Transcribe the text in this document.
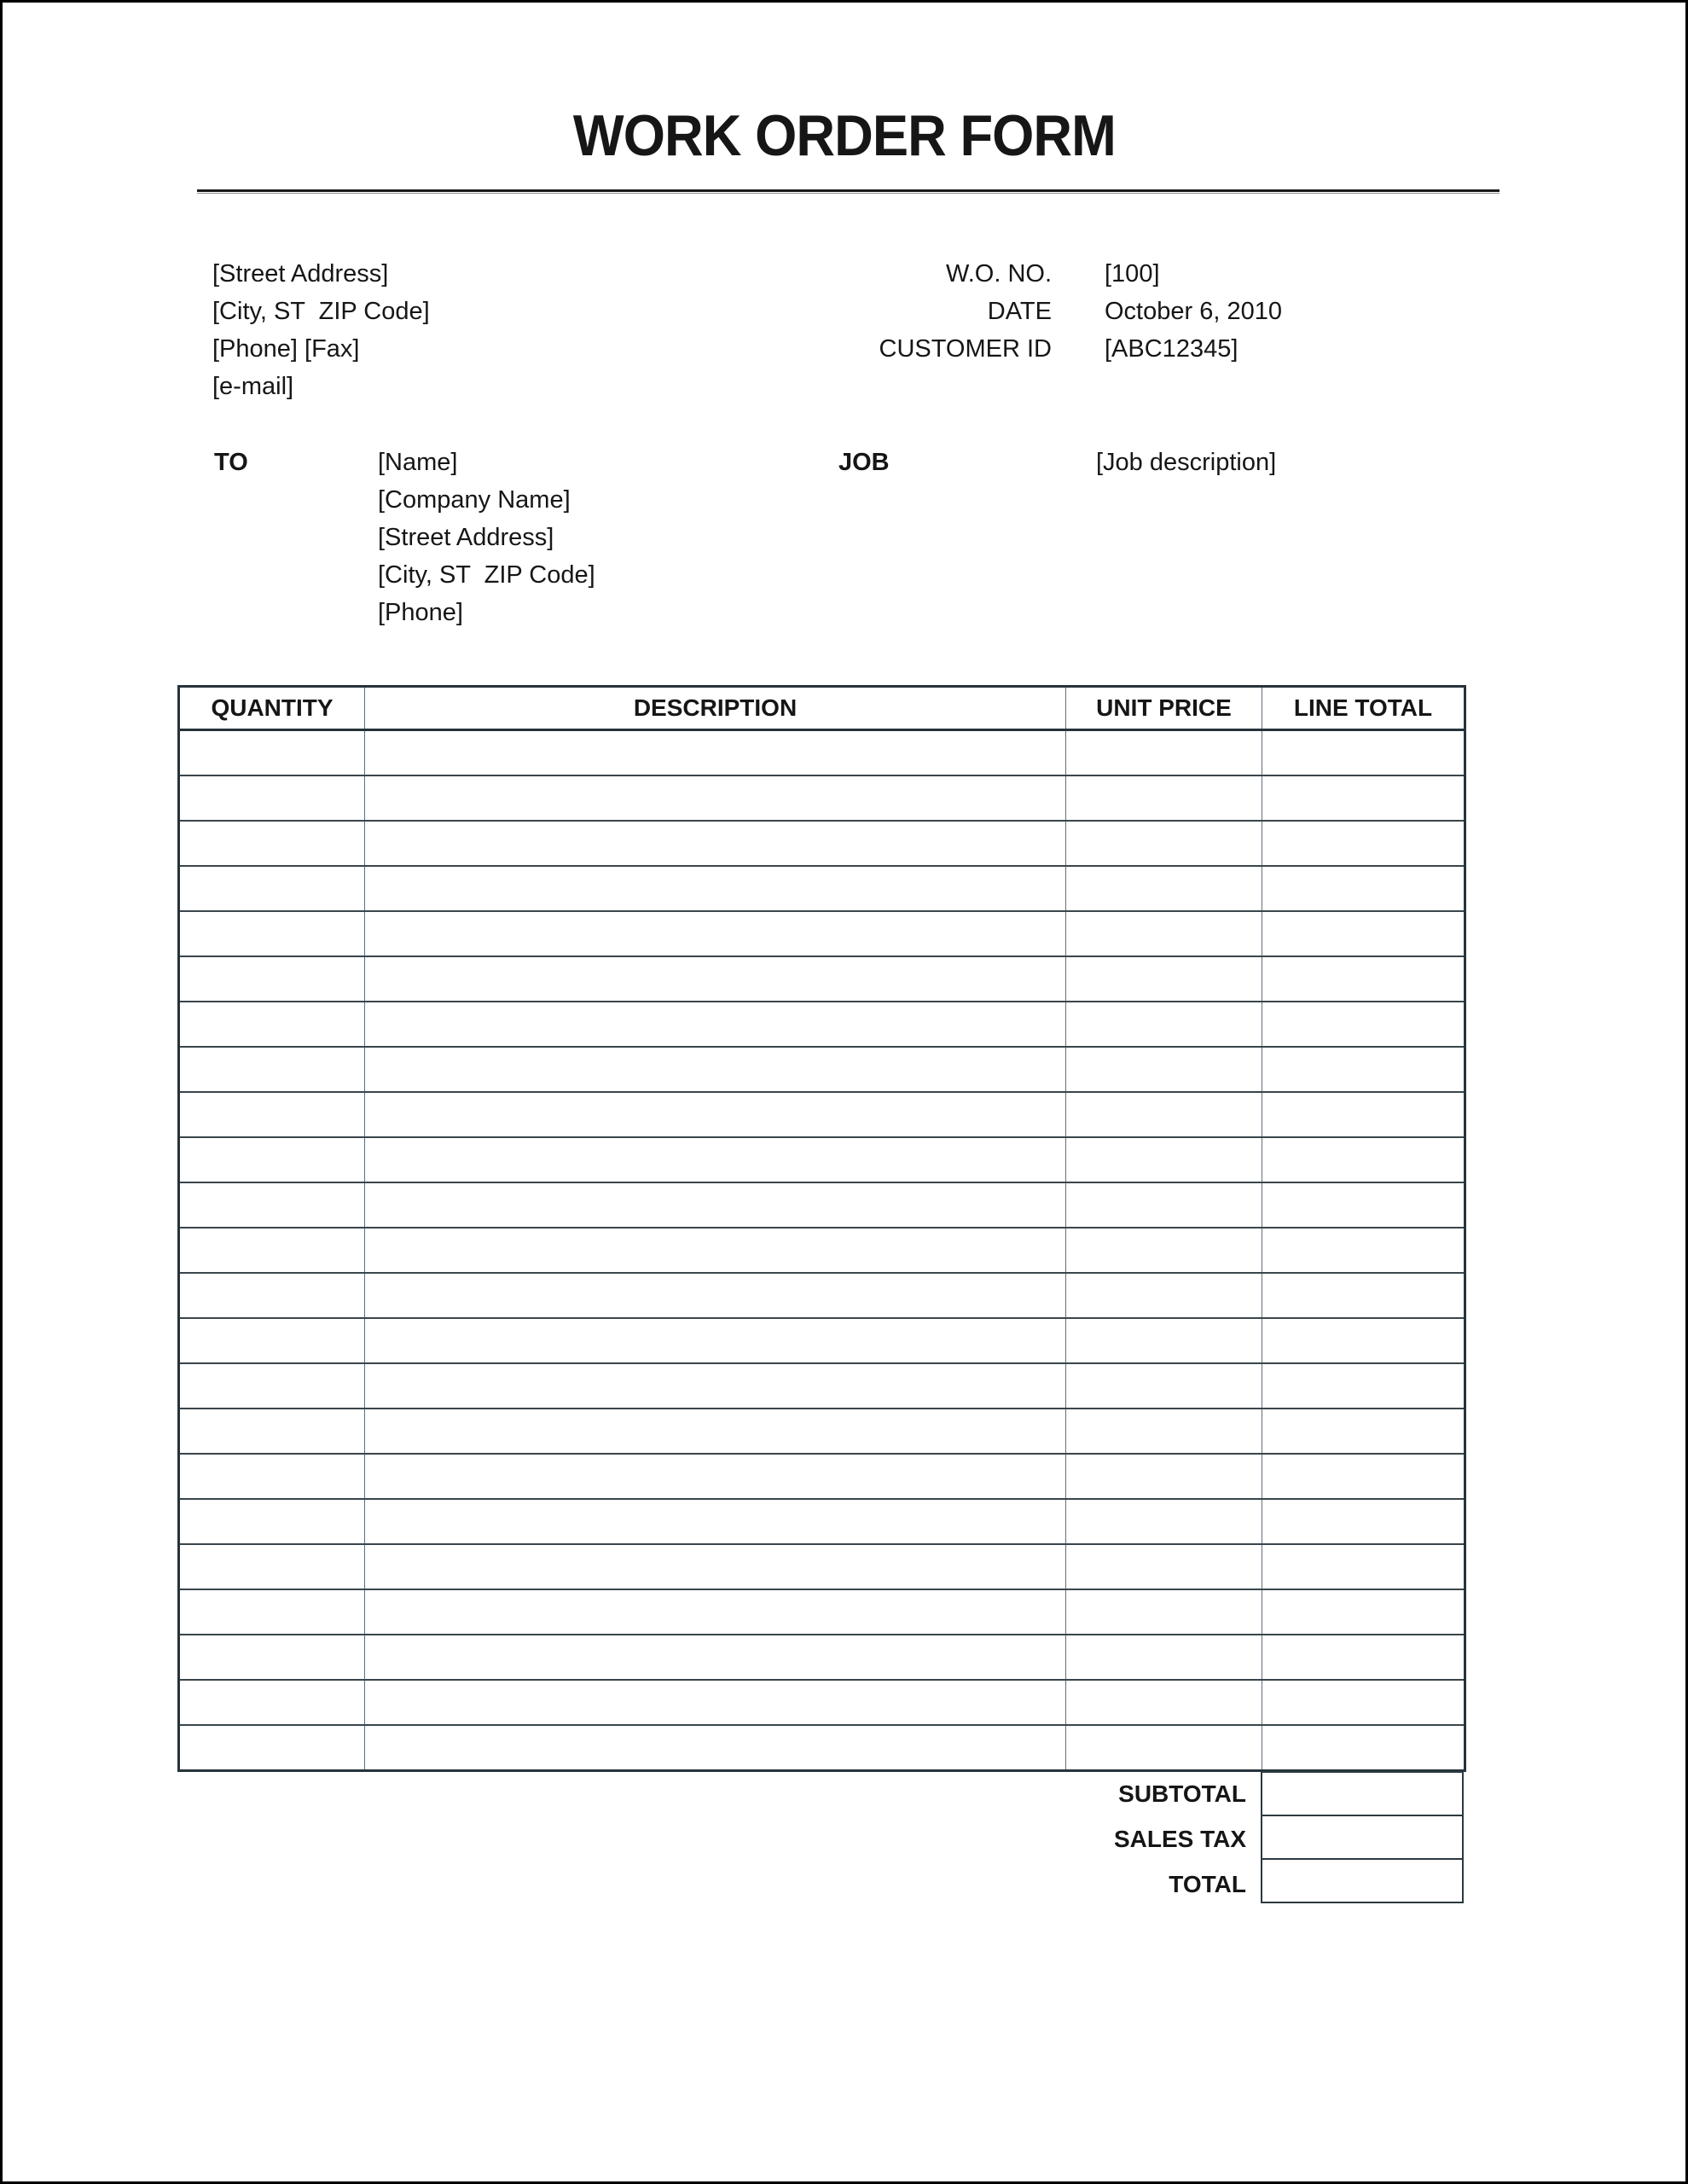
WORK ORDER FORM
[Street Address]
[City, ST  ZIP Code]
[Phone] [Fax]
[e-mail]
W.O. NO. [100]
DATE October 6, 2010
CUSTOMER ID [ABC12345]
TO	[Name]
[Company Name]
[Street Address]
[City, ST  ZIP Code]
[Phone]
JOB	[Job description]
QUANTITY	DESCRIPTION	UNIT PRICE	LINE TOTAL

SUBTOTAL
SALES TAX
TOTAL
